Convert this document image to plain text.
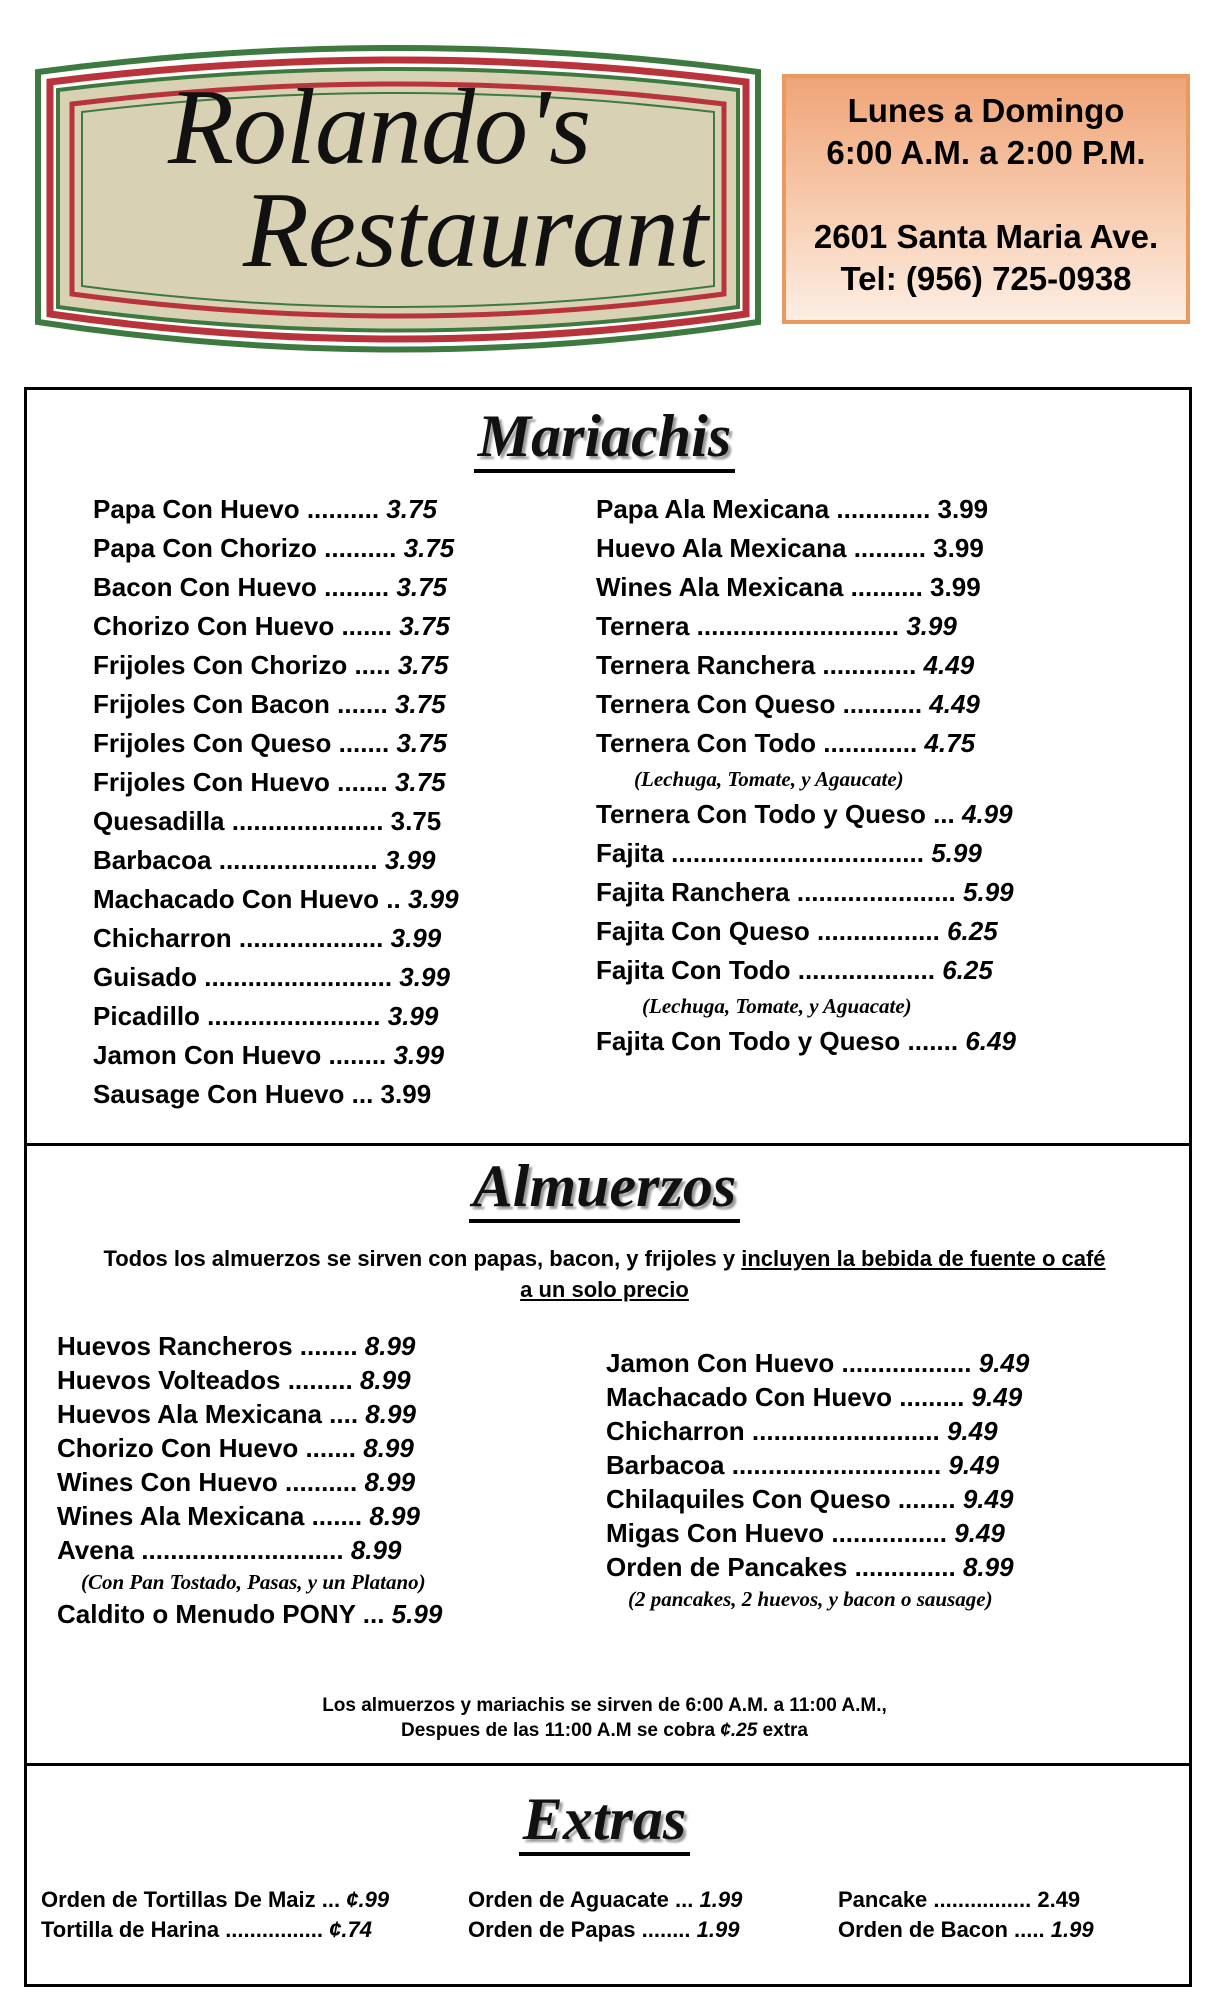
Rolando's
Restaurant
Lunes a Domingo
6:00 A.M. a 2:00 P.M.
2601 Santa Maria Ave.
Tel: (956) 725-0938
Mariachis
Papa Con Huevo .......... 3.75
Papa Con Chorizo .......... 3.75
Bacon Con Huevo ......... 3.75
Chorizo Con Huevo ....... 3.75
Frijoles Con Chorizo ..... 3.75
Frijoles Con Bacon ....... 3.75
Frijoles Con Queso ....... 3.75
Frijoles Con Huevo ....... 3.75
Quesadilla ..................... 3.75
Barbacoa ...................... 3.99
Machacado Con Huevo .. 3.99
Chicharron .................... 3.99
Guisado .......................... 3.99
Picadillo ........................ 3.99
Jamon Con Huevo ........ 3.99
Sausage Con Huevo ... 3.99
Papa Ala Mexicana ............. 3.99
Huevo Ala Mexicana .......... 3.99
Wines Ala Mexicana .......... 3.99
Ternera ............................ 3.99
Ternera Ranchera ............. 4.49
Ternera Con Queso ........... 4.49
Ternera Con Todo ............. 4.75
(Lechuga, Tomate, y Agaucate)
Ternera Con Todo y Queso ... 4.99
Fajita ................................... 5.99
Fajita Ranchera ...................... 5.99
Fajita Con Queso ................. 6.25
Fajita Con Todo ................... 6.25
(Lechuga, Tomate, y Aguacate)
Fajita Con Todo y Queso ....... 6.49
Almuerzos
Todos los almuerzos se sirven con papas, bacon, y frijoles y incluyen la bebida de fuente o café
a un solo precio
Huevos Rancheros ........ 8.99
Huevos Volteados ......... 8.99
Huevos Ala Mexicana .... 8.99
Chorizo Con Huevo ....... 8.99
Wines Con Huevo .......... 8.99
Wines Ala Mexicana ....... 8.99
Avena ............................ 8.99
(Con Pan Tostado, Pasas, y un Platano)
Caldito o Menudo PONY ... 5.99
Jamon Con Huevo .................. 9.49
Machacado Con Huevo ......... 9.49
Chicharron .......................... 9.49
Barbacoa ............................. 9.49
Chilaquiles Con Queso ........ 9.49
Migas Con Huevo ................ 9.49
Orden de Pancakes .............. 8.99
(2 pancakes, 2 huevos, y bacon o sausage)
Los almuerzos y mariachis se sirven de 6:00 A.M. a 11:00 A.M.,
Despues de las 11:00 A.M se cobra ¢.25 extra
Extras
Orden de Tortillas De Maiz ... ¢.99
Tortilla de Harina ................ ¢.74
Orden de Aguacate ... 1.99
Orden de Papas ........ 1.99
Pancake ................ 2.49
Orden de Bacon ..... 1.99
